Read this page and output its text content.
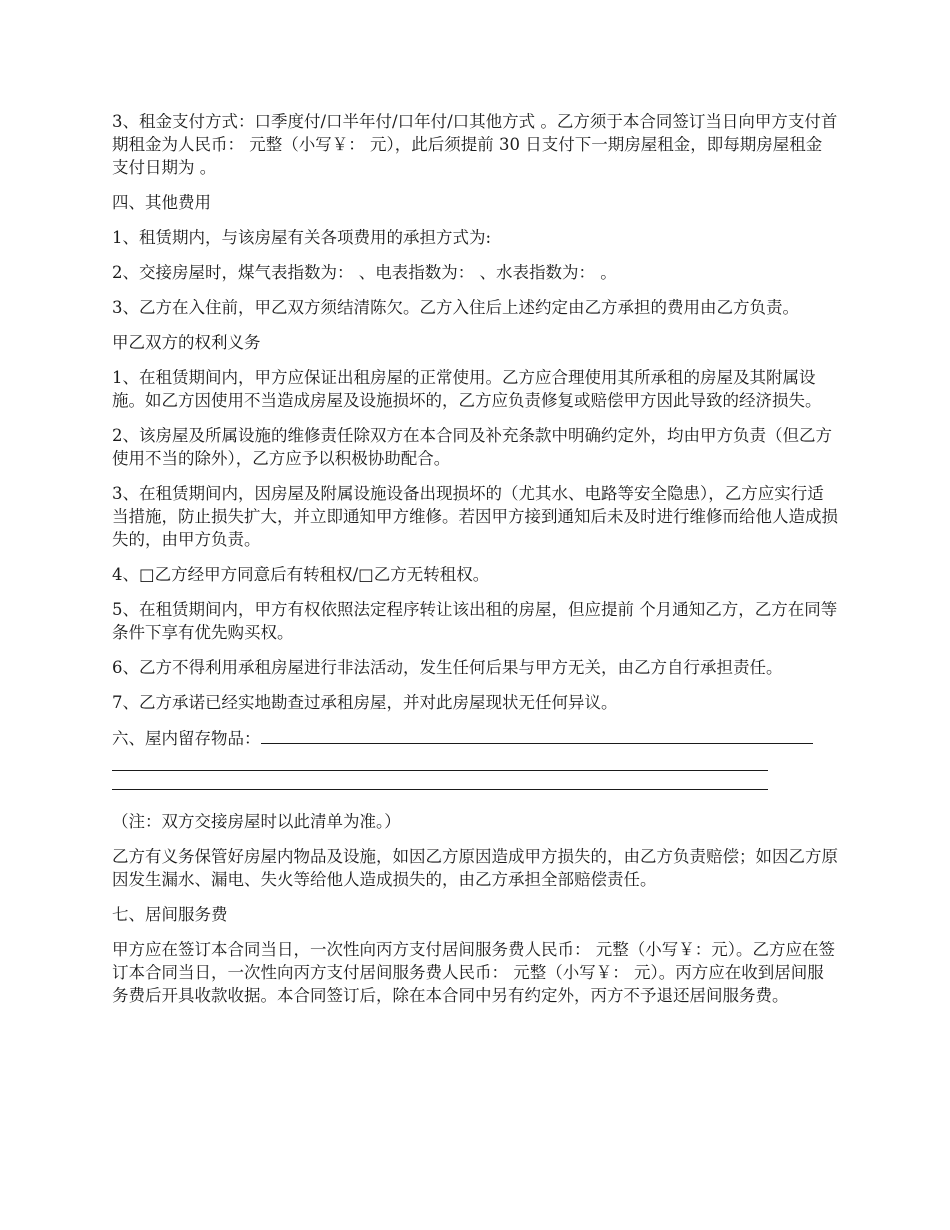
3、租金支付方式：口季度付/口半年付/口年付/口其他方式 。乙方须于本合同签订当日向甲方支付首期租金为人民币： 元整（小写￥： 元），此后须提前 30 日支付下一期房屋租金，即每期房屋租金支付日期为 。

四、其他费用

1、租赁期内，与该房屋有关各项费用的承担方式为:

2、交接房屋时，煤气表指数为： 、电表指数为： 、水表指数为： 。

3、乙方在入住前，甲乙双方须结清陈欠。乙方入住后上述约定由乙方承担的费用由乙方负责。

甲乙双方的权利义务

1、在租赁期间内，甲方应保证出租房屋的正常使用。乙方应合理使用其所承租的房屋及其附属设施。如乙方因使用不当造成房屋及设施损坏的，乙方应负责修复或赔偿甲方因此导致的经济损失。

2、该房屋及所属设施的维修责任除双方在本合同及补充条款中明确约定外，均由甲方负责（但乙方使用不当的除外），乙方应予以积极协助配合。

3、在租赁期间内，因房屋及附属设施设备出现损坏的（尤其水、电路等安全隐患），乙方应实行适当措施，防止损失扩大，并立即通知甲方维修。若因甲方接到通知后未及时进行维修而给他人造成损失的，由甲方负责。

4、□乙方经甲方同意后有转租权/□乙方无转租权。

5、在租赁期间内，甲方有权依照法定程序转让该出租的房屋，但应提前 个月通知乙方，乙方在同等条件下享有优先购买权。

6、乙方不得利用承租房屋进行非法活动，发生任何后果与甲方无关，由乙方自行承担责任。

7、乙方承诺已经实地勘查过承租房屋，并对此房屋现状无任何异议。

六、屋内留存物品：

（注：双方交接房屋时以此清单为准。）

乙方有义务保管好房屋内物品及设施，如因乙方原因造成甲方损失的，由乙方负责赔偿；如因乙方原因发生漏水、漏电、失火等给他人造成损失的，由乙方承担全部赔偿责任。

七、居间服务费

甲方应在签订本合同当日，一次性向丙方支付居间服务费人民币： 元整（小写￥：元）。乙方应在签订本合同当日，一次性向丙方支付居间服务费人民币： 元整（小写￥： 元）。丙方应在收到居间服务费后开具收款收据。本合同签订后，除在本合同中另有约定外，丙方不予退还居间服务费。
